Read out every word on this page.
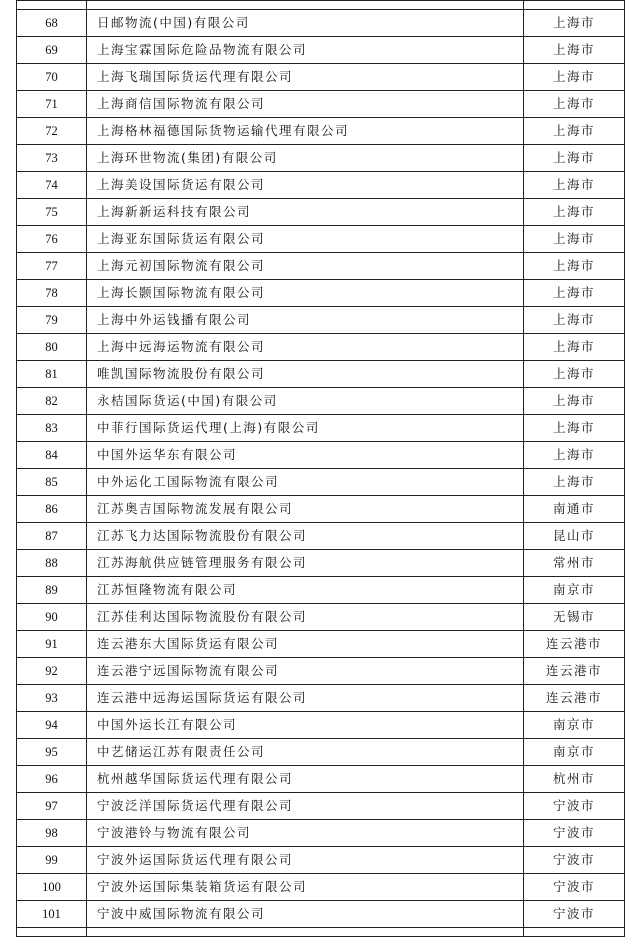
68	日邮物流(中国)有限公司	上海市
69	上海宝霖国际危险品物流有限公司	上海市
70	上海飞瑞国际货运代理有限公司	上海市
71	上海商信国际物流有限公司	上海市
72	上海格林福德国际货物运输代理有限公司	上海市
73	上海环世物流(集团)有限公司	上海市
74	上海美设国际货运有限公司	上海市
75	上海新新运科技有限公司	上海市
76	上海亚东国际货运有限公司	上海市
77	上海元初国际物流有限公司	上海市
78	上海长颢国际物流有限公司	上海市
79	上海中外运钱播有限公司	上海市
80	上海中远海运物流有限公司	上海市
81	唯凯国际物流股份有限公司	上海市
82	永桔国际货运(中国)有限公司	上海市
83	中菲行国际货运代理(上海)有限公司	上海市
84	中国外运华东有限公司	上海市
85	中外运化工国际物流有限公司	上海市
86	江苏奥吉国际物流发展有限公司	南通市
87	江苏飞力达国际物流股份有限公司	昆山市
88	江苏海航供应链管理服务有限公司	常州市
89	江苏恒隆物流有限公司	南京市
90	江苏佳利达国际物流股份有限公司	无锡市
91	连云港东大国际货运有限公司	连云港市
92	连云港宁远国际物流有限公司	连云港市
93	连云港中远海运国际货运有限公司	连云港市
94	中国外运长江有限公司	南京市
95	中艺储运江苏有限责任公司	南京市
96	杭州越华国际货运代理有限公司	杭州市
97	宁波泛洋国际货运代理有限公司	宁波市
98	宁波港铃与物流有限公司	宁波市
99	宁波外运国际货运代理有限公司	宁波市
100	宁波外运国际集装箱货运有限公司	宁波市
101	宁波中威国际物流有限公司	宁波市
